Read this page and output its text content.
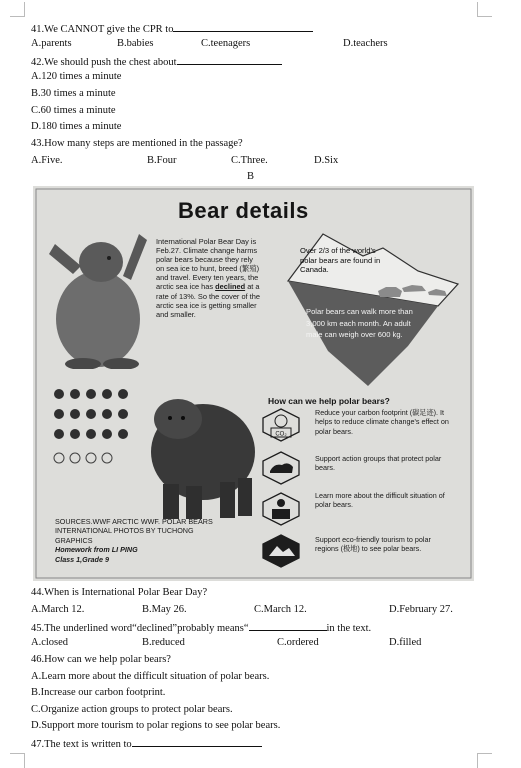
41.We CANNOT give the CPR to
A.parents	B.babies	C.teenagers	D.teachers
42.We should push the chest about
A.120 times a minute
B.30 times a minute
C.60 times a minute
D.180 times a minute
43.How many steps are mentioned in the passage?
A.Five.	B.Four	C.Three.	D.Six
B
Bear details
International Polar Bear Day is Feb.27. Climate change harms polar bears because they rely on sea ice to hunt, breed (繁殖) and travel. Every ten years, the arctic sea ice has declined at a rate of 13%. So the cover of the arctic sea ice is getting smaller and smaller.
Over 2/3 of the world's polar bears are found in Canada.
Polar bears can walk more than 3,000 km each month. An adult male can weigh over 600 kg.
How can we help polar bears?
CO₂
Reduce your carbon footprint (碳足迹). It helps to reduce climate change's effect on polar bears.
Support action groups that protect polar bears.
Learn more about the difficult situation of polar bears.
Support eco-friendly tourism to polar regions (极地) to see polar bears.
SOURCES.WWF ARCTIC WWF. POLAR BEARS INTERNATIONAL PHOTOS BY TUCHONG GRAPHICS
Homework from LI PING
Class 1,Grade 9
44.When is International Polar Bear Day?
A.March 12.	B.May 26.	C.March 12.	D.February 27.
45.The underlined word“declined”probably means“	in the text.
A.closed	B.reduced	C.ordered	D.filled
46.How can we help polar bears?
A.Learn more about the difficult situation of polar bears.
B.Increase our carbon footprint.
C.Organize action groups to protect polar bears.
D.Support more tourism to polar regions to see polar bears.
47.The text is written to
